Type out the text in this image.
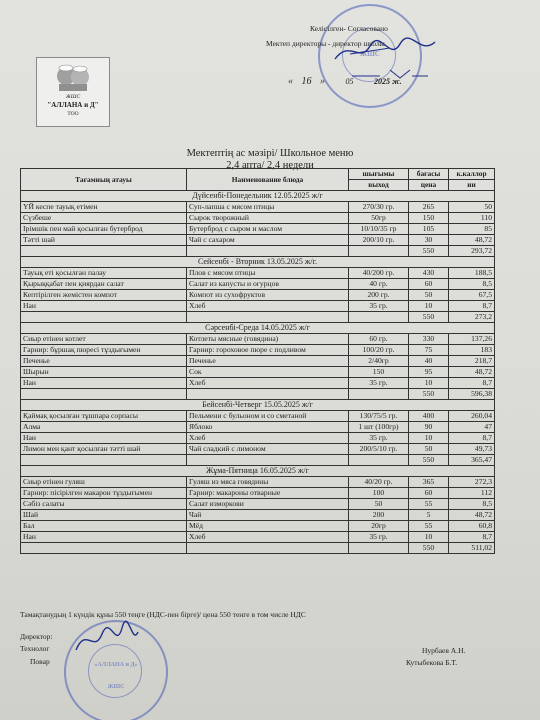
ЖШС
Келісілген- Согласовано
Мектеп директоры - директор школы
« 16 »	05	2025 ж.
ЖШС
"АЛЛАНА и Д"
ТОО
Мектептің ас мәзірі/ Школьное меню
2,4 апта/ 2,4 недели
Тағамның атауы	Наименование блюда	шығымы	бағасы	к.каллор
		выход	цена	ии
Дүйсенбі-Понедельник 12.05.2025 ж/г				
ҮЙ кеспе тауық етімен	Суп-лапша с мясом птицы	270/30 гр.	265	50
Сүзбеше	Сырок творожный	50гр	150	110
Ірімшік пен май қосылған бутерброд	Бутерброд с сыром и маслом	10/10/35 гр	105	85
Тәтті шай	Чай с сахаром	200/10 гр.	30	48,72
			550	293,72
Сейсенбі - Вторник 13.05.2025 ж/г.				
Тауық еті қосылған палау	Плов с мясом птицы	40/200 гр.	430	188,5
Қырыққабат пен қиярдан салат	Салат из капусты и огурцов	40 гр.	60	8,5
Кептірілген жемістен компот	Компот из сухофруктов	200 гр.	50	67,5
Нан	Хлеб	35 гр.	10	8,7
			550	273,2
Сәрсенбі-Среда 14.05.2025 ж/г				
Сиыр етінен котлет	Котлеты мясные (говядина)	60 гр.	330	137,26
Гарнир: бұршақ пюресі тұздығымен	Гарнир: гороховое пюре с подливом	100/20 гр.	75	183
Печенье	Печенье	2/40гр	40	218,7
Шырын	Сок	150	95	48,72
Нан	Хлеб	35 гр.	10	8,7
			550	596,38
Бейсенбі-Четверг 15.05.2025 ж/г				
Қаймақ қосылған тұшпара сорпасы	Пельмени с бульоном и со сметаной	130/75/5 гр.	400	260,04
Алма	Яблоко	1 шт (100гр)	90	47
Нан	Хлеб	35 гр.	10	8,7
Лимон мен қант қосылған тәтті шай	Чай сладкий с лимоном	200/5/10 гр.	50	49,73
			550	365,47
Жұма-Пятница 16.05.2025 ж/г				
Сиыр етінен гуляш	Гуляш из мяса говядины	40/20 гр.	365	272,3
Гарнир: пісірілген макарон тұздығымен	Гарнир: макароны отварные	100	60	112
Сәбіз салаты	Салат изморкови	50	55	8,5
Шай	Чай	200	5	48,72
Бал	Мёд	20гр	55	60,8
Нан	Хлеб	35 гр.	10	8,7
			550	511,02
Тамақтанудың 1 күндік құны 550 теңге (НДС-пен бірге)/ цена 550 тенге в том числе НДС
Директор:
Технолог
Повар
Нурбаев А.Н.
Кутыбекова Б.Т.
«АЛЛАНА и Д»
ЖШС
